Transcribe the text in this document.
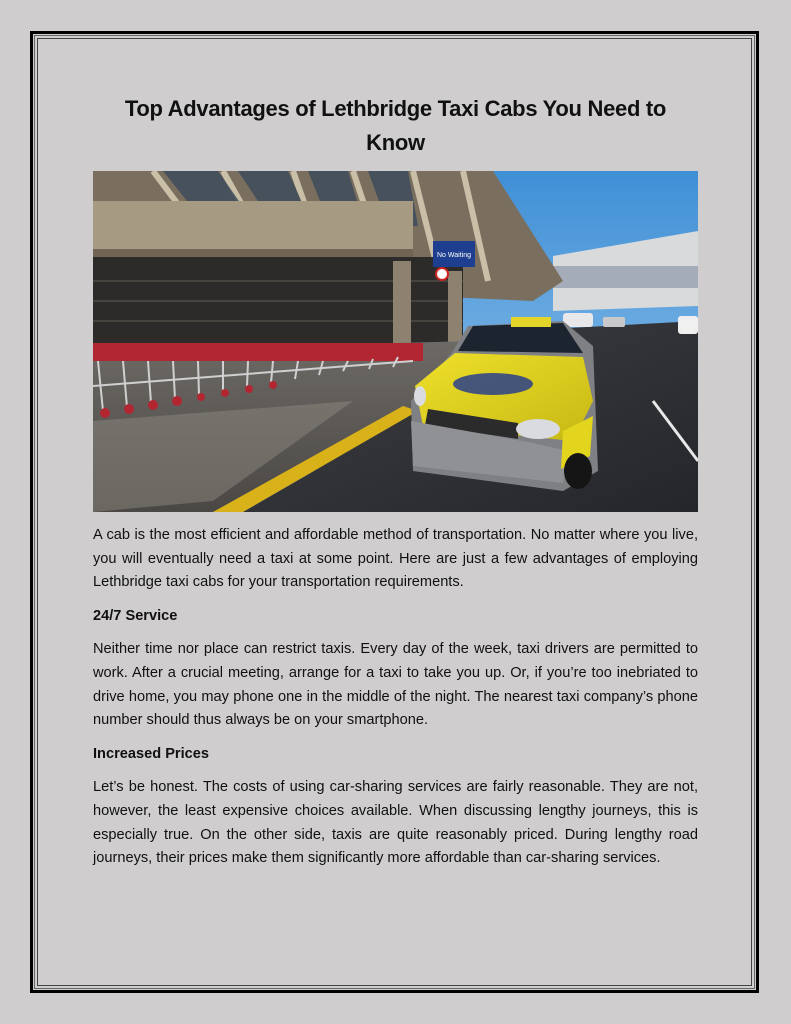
Top Advantages of Lethbridge Taxi Cabs You Need to Know
No Waiting

A cab is the most efficient and affordable method of transportation. No matter where you live, you will eventually need a taxi at some point. Here are just a few advantages of employing Lethbridge taxi cabs for your transportation requirements.

24/7 Service

Neither time nor place can restrict taxis. Every day of the week, taxi drivers are permitted to work. After a crucial meeting, arrange for a taxi to take you up. Or, if you’re too inebriated to drive home, you may phone one in the middle of the night. The nearest taxi company’s phone number should thus always be on your smartphone.

Increased Prices

Let’s be honest. The costs of using car-sharing services are fairly reasonable. They are not, however, the least expensive choices available. When discussing lengthy journeys, this is especially true. On the other side, taxis are quite reasonably priced. During lengthy road journeys, their prices make them significantly more affordable than car-sharing services.
